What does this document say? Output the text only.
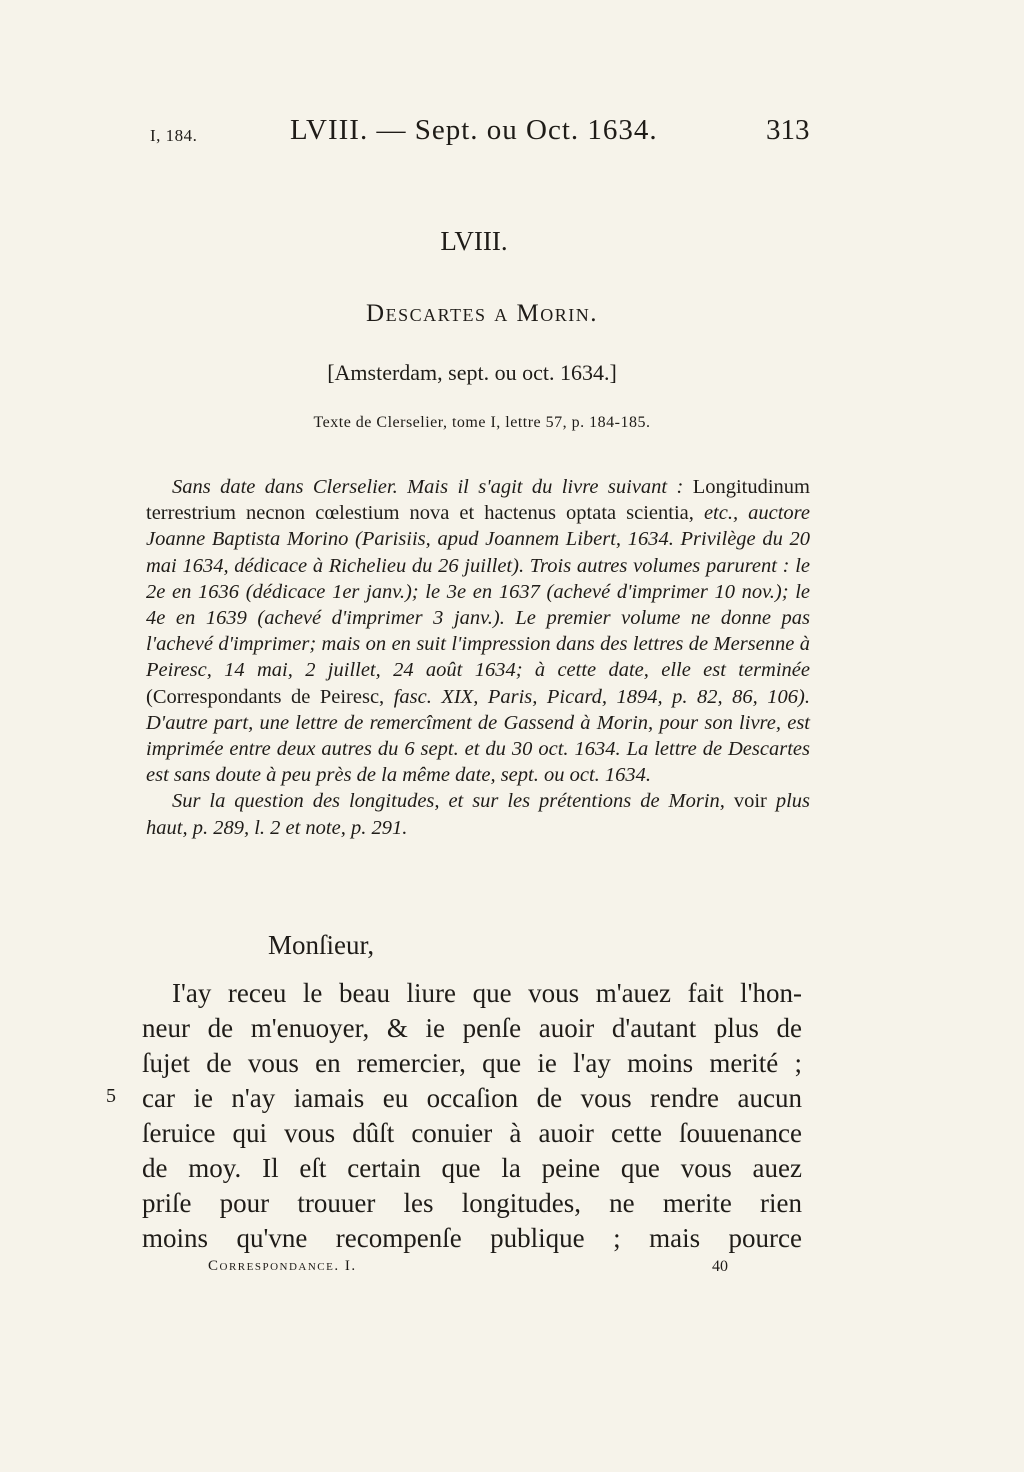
I, 184.	LVIII. — Sept. ou Oct. 1634.	313
LVIII.
Descartes a Morin.
[Amsterdam, sept. ou oct. 1634.]
Texte de Clerselier, tome I, lettre 57, p. 184-185.

Sans date dans Clerselier. Mais il s'agit du livre suivant : Longitudinum terrestrium necnon cœlestium nova et hactenus optata scientia, etc., auctore Joanne Baptista Morino (Parisiis, apud Joannem Libert, 1634. Privilège du 20 mai 1634, dédicace à Richelieu du 26 juillet). Trois autres volumes parurent : le 2e en 1636 (dédicace 1er janv.); le 3e en 1637 (achevé d'imprimer 10 nov.); le 4e en 1639 (achevé d'imprimer 3 janv.). Le premier volume ne donne pas l'achevé d'imprimer; mais on en suit l'impression dans des lettres de Mersenne à Peiresc, 14 mai, 2 juillet, 24 août 1634; à cette date, elle est terminée (Correspondants de Peiresc, fasc. XIX, Paris, Picard, 1894, p. 82, 86, 106). D'autre part, une lettre de remercîment de Gassend à Morin, pour son livre, est imprimée entre deux autres du 6 sept. et du 30 oct. 1634. La lettre de Descartes est sans doute à peu près de la même date, sept. ou oct. 1634.

Sur la question des longitudes, et sur les prétentions de Morin, voir plus haut, p. 289, l. 2 et note, p. 291.

Monſieur,
I'ay receu le beau liure que vous m'auez fait l'hon-
neur de m'enuoyer, & ie penſe auoir d'autant plus de
ſujet de vous en remercier, que ie l'ay moins merité ;
car ie n'ay iamais eu occaſion de vous rendre aucun
ſeruice qui vous dûſt conuier à auoir cette ſouuenance
de moy. Il eſt certain que la peine que vous auez
priſe pour trouuer les longitudes, ne merite rien
moins qu'vne recompenſe publique ; mais pource
5
Correspondance. I.	40
